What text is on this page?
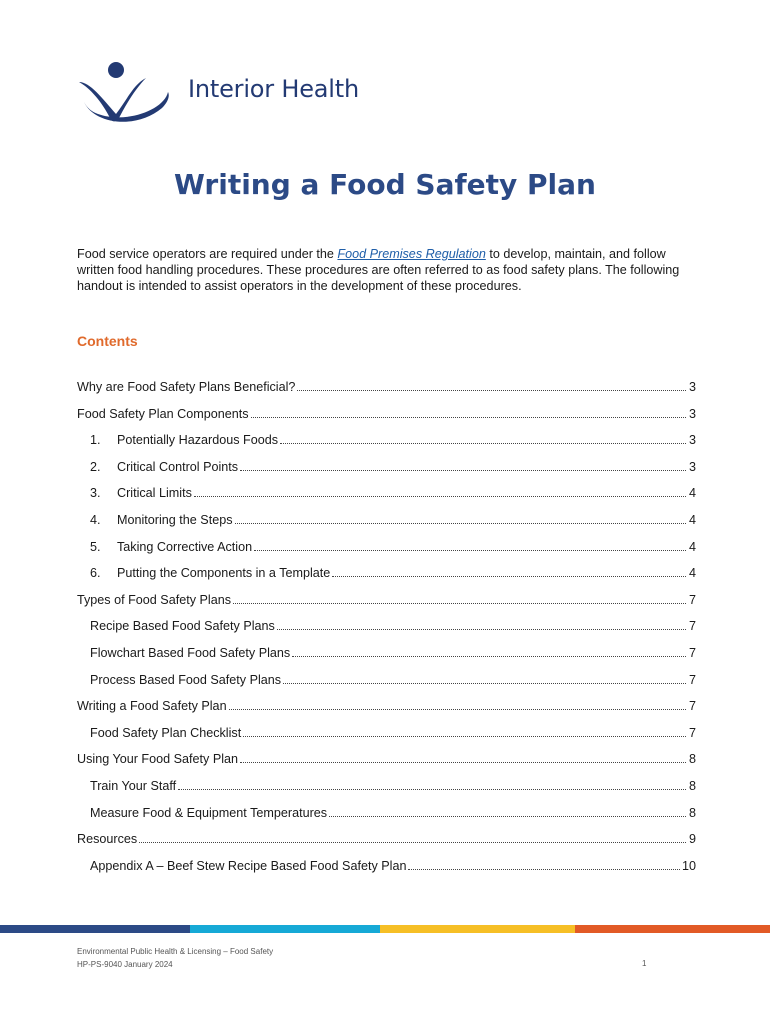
Interior Health
Writing a Food Safety Plan

Food service operators are required under the Food Premises Regulation to develop, maintain, and follow written food handling procedures. These procedures are often referred to as food safety plans. The following handout is intended to assist operators in the development of these procedures.

Contents
Why are Food Safety Plans Beneficial?	3
Food Safety Plan Components	3
1.	Potentially Hazardous Foods	3
2.	Critical Control Points	3
3.	Critical Limits	4
4.	Monitoring the Steps	4
5.	Taking Corrective Action	4
6.	Putting the Components in a Template	4
Types of Food Safety Plans	7
Recipe Based Food Safety Plans	7
Flowchart Based Food Safety Plans	7
Process Based Food Safety Plans	7
Writing a Food Safety Plan	7
Food Safety Plan Checklist	7
Using Your Food Safety Plan	8
Train Your Staff	8
Measure Food & Equipment Temperatures	8
Resources	9
Appendix A – Beef Stew Recipe Based Food Safety Plan	10
Environmental Public Health & Licensing – Food Safety
HP-PS-9040 January 2024	1
